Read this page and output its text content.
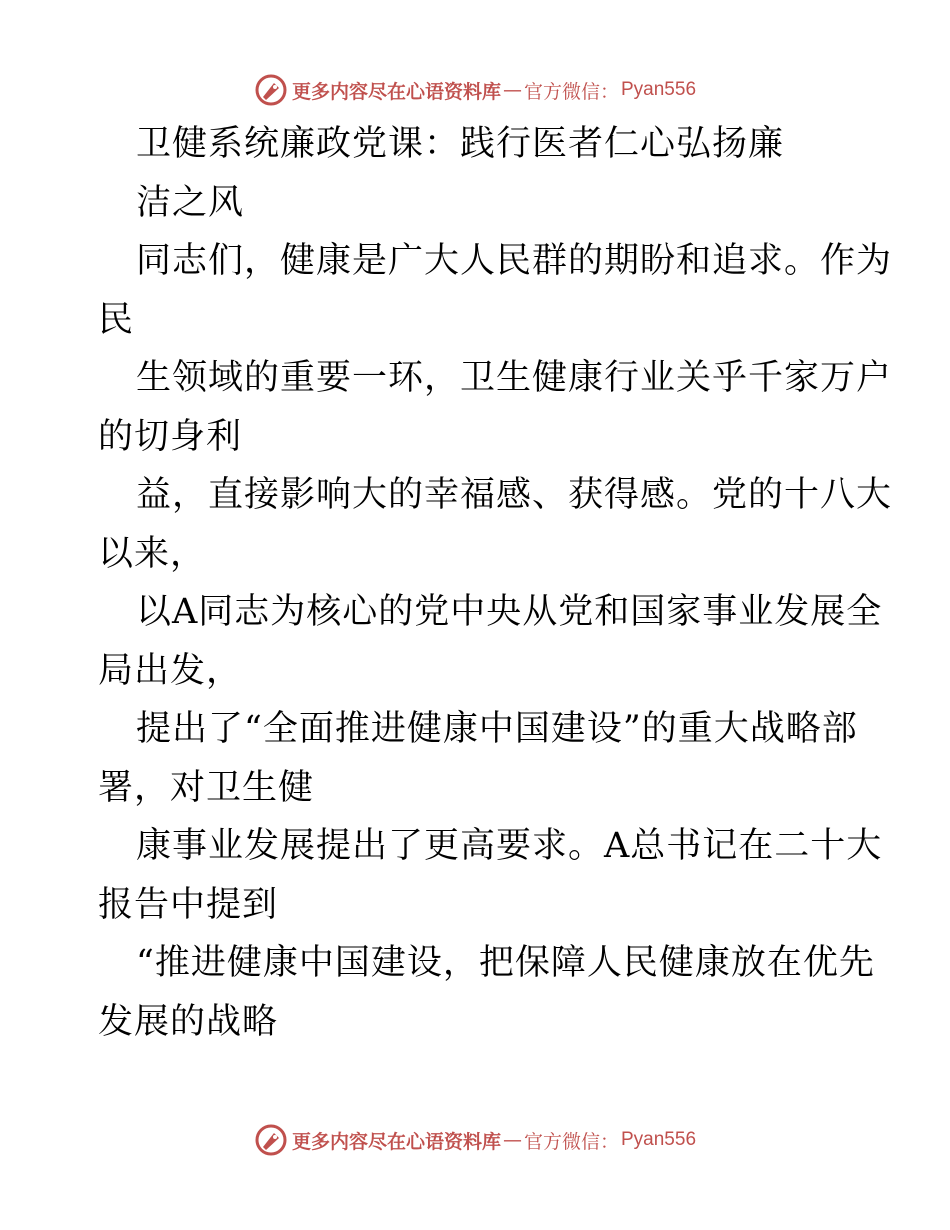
更多内容尽在心语资料库 — 官方微信： Pyan556
卫健系统廉政党课：践行医者仁心弘扬廉
洁之风
同志们，健康是广大人民群的期盼和追求。作为
民
生领域的重要一环，卫生健康行业关乎千家万户
的切身利
益，直接影响大的幸福感、获得感。党的十八大
以来，
以A同志为核心的党中央从党和国家事业发展全
局出发，
提出了“全面推进健康中国建设”的重大战略部
署，对卫生健
康事业发展提出了更高要求。A总书记在二十大
报告中提到
“推进健康中国建设，把保障人民健康放在优先
发展的战略
更多内容尽在心语资料库 — 官方微信： Pyan556
